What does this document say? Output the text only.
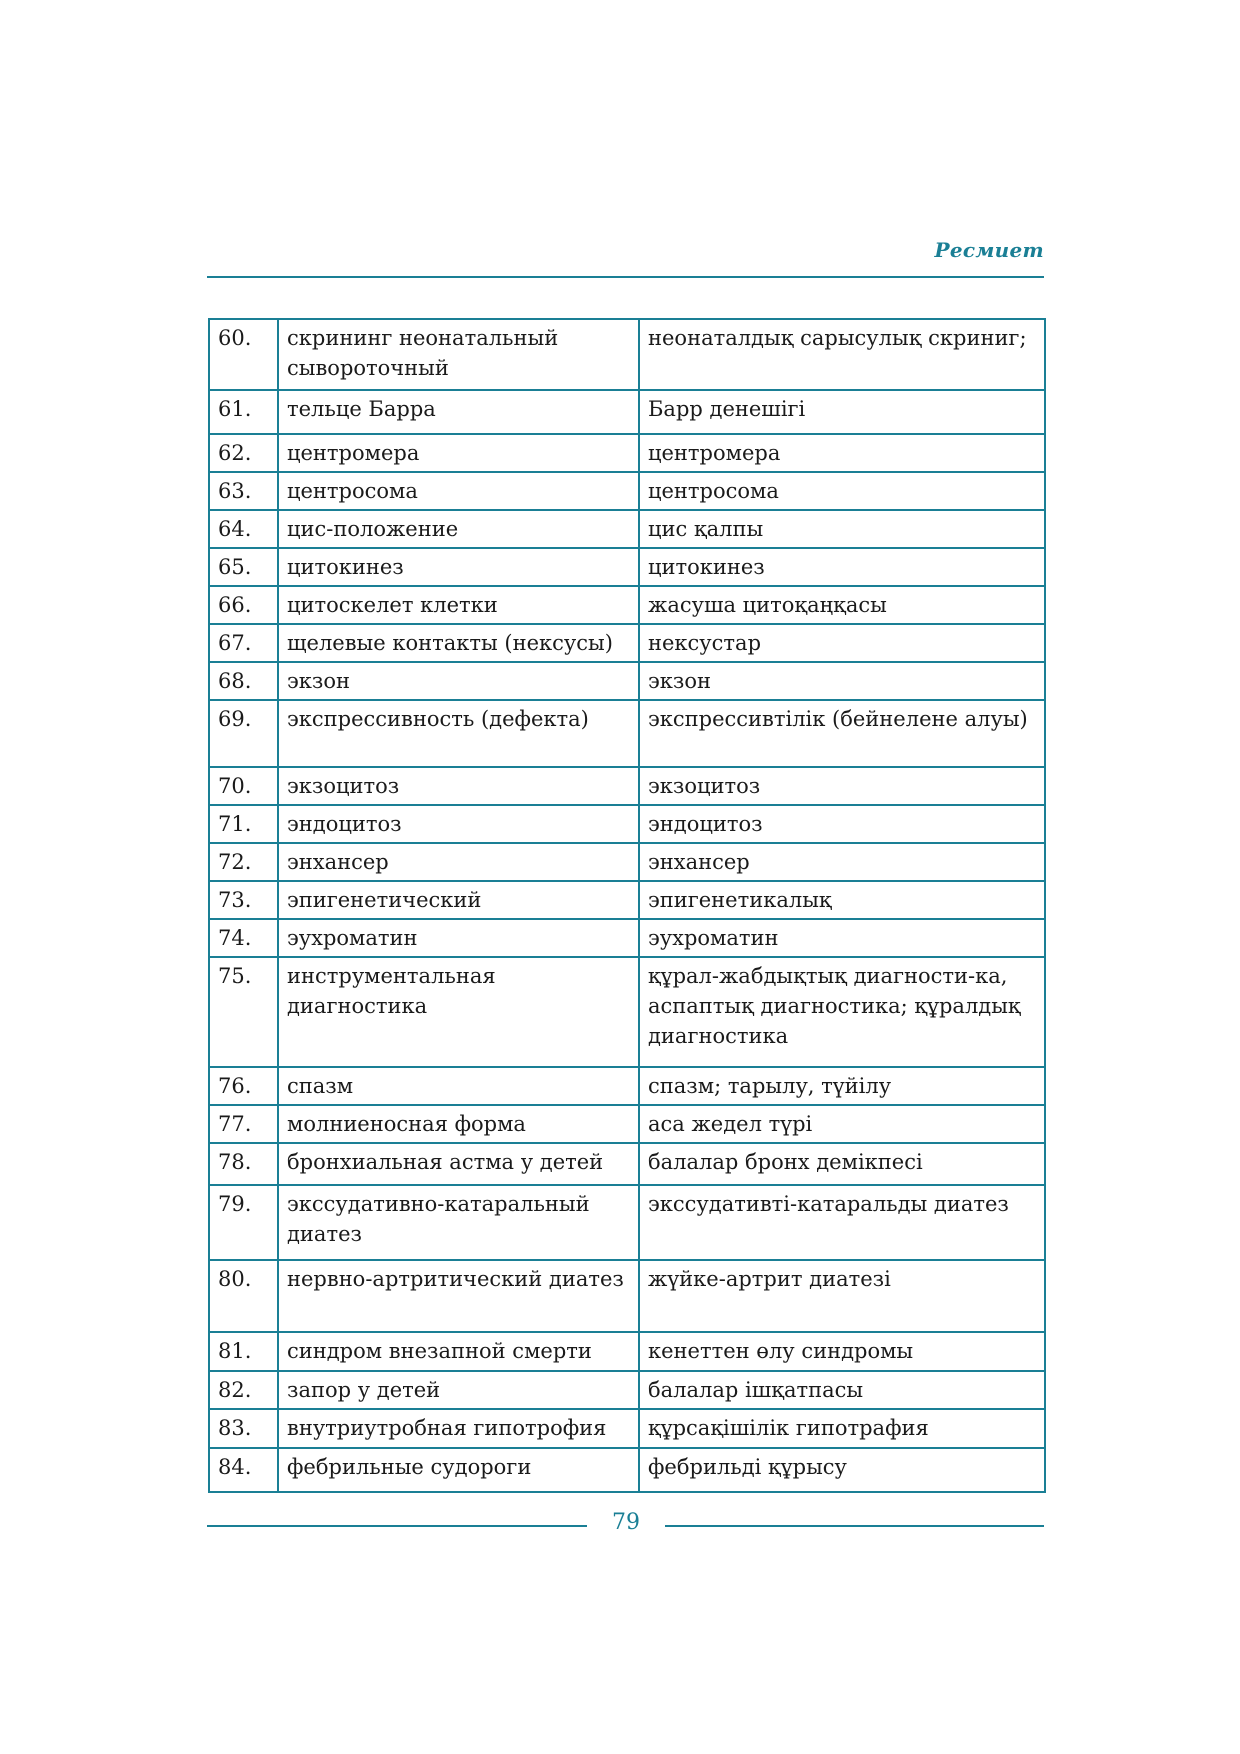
Ресмиет
60.	скрининг неонатальный сывороточный	неонаталдық сарысулық скриниг;
61.	тельце Барра	Барр денешігі
62.	центромера	центромера
63.	центросома	центросома
64.	цис-положение	цис қалпы
65.	цитокинез	цитокинез
66.	цитоскелет клетки	жасуша цитоқаңқасы
67.	щелевые контакты (нексусы)	нексустар
68.	экзон	экзон
69.	экспрессивность (дефекта)	экспрессивтілік (бейнелене алуы)
70.	экзоцитоз	экзоцитоз
71.	эндоцитоз	эндоцитоз
72.	энхансер	энхансер
73.	эпигенетический	эпигенетикалық
74.	эухроматин	эухроматин
75.	инструментальная диагностика	құрал-жабдықтық диагности-ка, аспаптық диагностика; құралдық диагностика
76.	спазм	спазм; тарылу, түйілу
77.	молниеносная форма	аса жедел түрі
78.	бронхиальная астма у детей	балалар бронх демікпесі
79.	экссудативно-катаральный диатез	экссудативті-катаральды диатез
80.	нервно-артритический диатез	жүйке-артрит диатезі
81.	синдром внезапной смерти	кенеттен өлу синдромы
82.	запор у детей	балалар ішқатпасы
83.	внутриутробная гипотрофия	құрсақішілік гипотрафия
84.	фебрильные судороги	фебрильді құрысу
79
